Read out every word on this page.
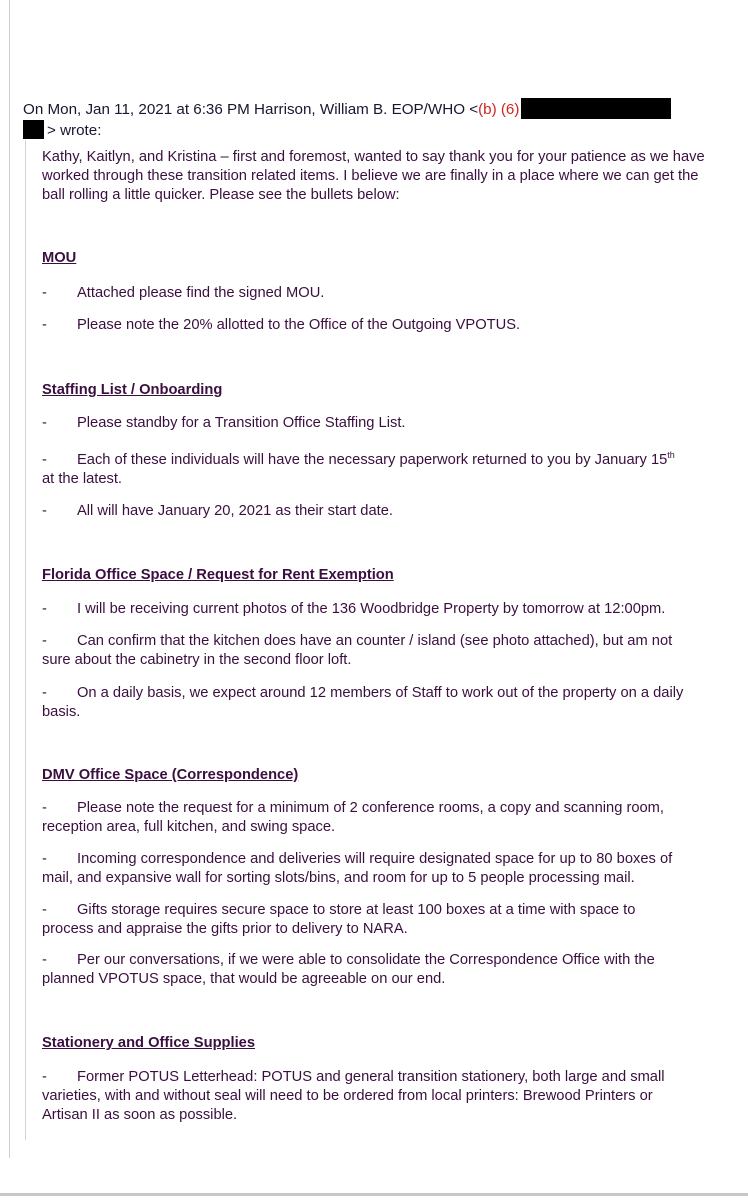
On Mon, Jan 11, 2021 at 6:36 PM Harrison, William B. EOP/WHO <(b) (6)
> wrote:

Kathy, Kaitlyn, and Kristina – first and foremost, wanted to say thank you for your patience as we have worked through these transition related items. I believe we are finally in a place where we can get the ball rolling a little quicker. Please see the bullets below:

MOU
- Attached please find the signed MOU.
- Please note the 20% allotted to the Office of the Outgoing VPOTUS.
Staffing List / Onboarding
- Please standby for a Transition Office Staffing List.
- Each of these individuals will have the necessary paperwork returned to you by January 15th
at the latest.
- All will have January 20, 2021 as their start date.
Florida Office Space / Request for Rent Exemption
- I will be receiving current photos of the 136 Woodbridge Property by tomorrow at 12:00pm.
- Can confirm that the kitchen does have an counter / island (see photo attached), but am not
sure about the cabinetry in the second floor loft.
- On a daily basis, we expect around 12 members of Staff to work out of the property on a daily
basis.
DMV Office Space (Correspondence)
- Please note the request for a minimum of 2 conference rooms, a copy and scanning room,
reception area, full kitchen, and swing space.
- Incoming correspondence and deliveries will require designated space for up to 80 boxes of
mail, and expansive wall for sorting slots/bins, and room for up to 5 people processing mail.
- Gifts storage requires secure space to store at least 100 boxes at a time with space to
process and appraise the gifts prior to delivery to NARA.
- Per our conversations, if we were able to consolidate the Correspondence Office with the
planned VPOTUS space, that would be agreeable on our end.
Stationery and Office Supplies
- Former POTUS Letterhead: POTUS and general transition stationery, both large and small
varieties, with and without seal will need to be ordered from local printers: Brewood Printers or
Artisan II as soon as possible.
